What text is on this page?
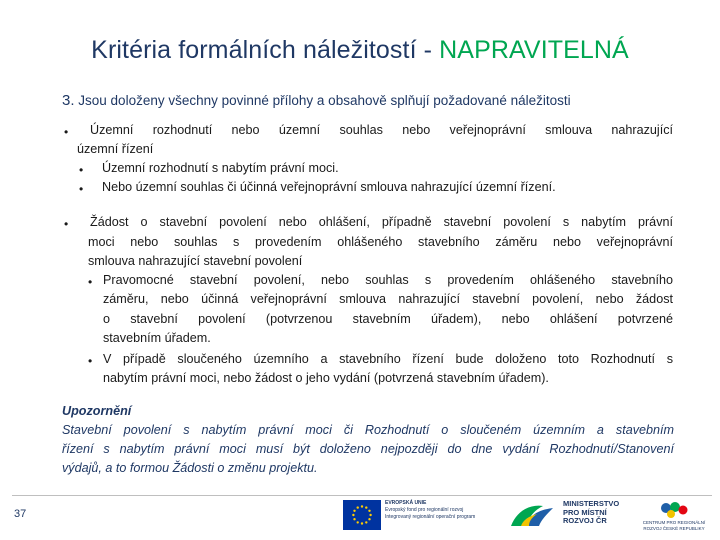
Kritéria formálních náležitostí - NAPRAVITELNÁ
3. Jsou doloženy všechny povinné přílohy a obsahově splňují požadované náležitosti
• Územní rozhodnutí nebo územní souhlas nebo veřejnoprávní smlouva nahrazující
územní řízení
• Územní rozhodnutí s nabytím právní moci.
• Nebo územní souhlas či účinná veřejnoprávní smlouva nahrazující územní řízení.
• Žádost o stavební povolení nebo ohlášení, případně stavební povolení s nabytím právní
moci nebo souhlas s provedením ohlášeného stavebního záměru nebo veřejnoprávní
smlouva nahrazující stavební povolení
• Pravomocné stavební povolení, nebo souhlas s provedením ohlášeného stavebního
záměru, nebo účinná veřejnoprávní smlouva nahrazující stavební povolení, nebo žádost
o stavební povolení (potvrzenou stavebním úřadem), nebo ohlášení potvrzené
stavebním úřadem.
• V případě sloučeného územního a stavebního řízení bude doloženo toto Rozhodnutí s
nabytím právní moci, nebo žádost o jeho vydání (potvrzená stavebním úřadem).
Upozornění
Stavební povolení s nabytím právní moci či Rozhodnutí o sloučeném územním a stavebním
řízení s nabytím právní moci musí být doloženo nejpozději do dne vydání Rozhodnutí/Stanovení
výdajů, a to formou Žádosti o změnu projektu.
37
EVROPSKÁ UNIE
Evropský fond pro regionální rozvoj
Integrovaný regionální operační program
MINISTERSTVO
PRO MÍSTNÍ
ROZVOJ ČR	CENTRUM PRO REGIONÁLNÍ ROZVOJ ČESKÉ REPUBLIKY
